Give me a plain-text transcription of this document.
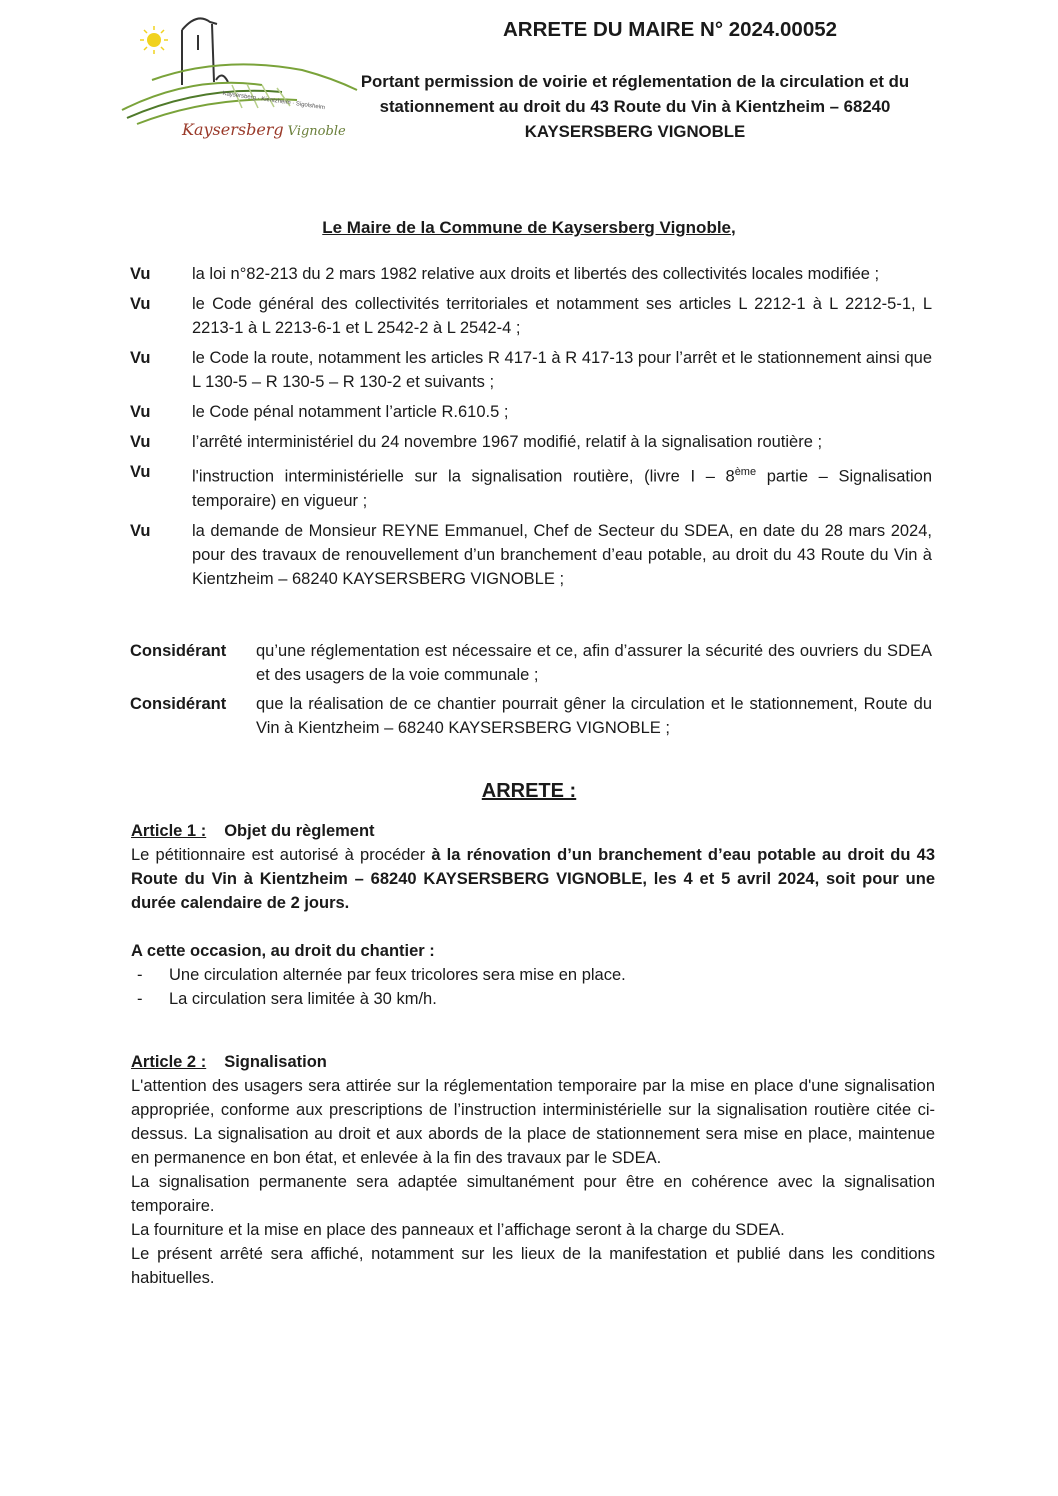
Kaysersberg · Kientzheim · Sigolsheim
Kaysersberg Vignoble
ARRETE DU MAIRE N° 2024.00052
Portant permission de voirie et réglementation de la circulation et du stationnement au droit du 43 Route du Vin à Kientzheim – 68240 KAYSERSBERG VIGNOBLE
Le Maire de la Commune de Kaysersberg Vignoble,
Vu	la loi n°82-213 du 2 mars 1982 relative aux droits et libertés des collectivités locales modifiée ;
Vu	le Code général des collectivités territoriales et notamment ses articles L 2212-1 à L 2212-5-1, L 2213-1 à L 2213-6-1 et L 2542-2 à L 2542-4 ;
Vu	le Code la route, notamment les articles R 417-1 à R 417-13 pour l’arrêt et le stationnement ainsi que L 130-5 – R 130-5 – R 130-2 et suivants ;
Vu	le Code pénal notamment l’article R.610.5 ;
Vu	l’arrêté interministériel du 24 novembre 1967 modifié, relatif à la signalisation routière ;
Vu	l'instruction interministérielle sur la signalisation routière, (livre I – 8ème partie – Signalisation temporaire) en vigueur ;
Vu	la demande de Monsieur REYNE Emmanuel, Chef de Secteur du SDEA, en date du 28 mars 2024, pour des travaux de renouvellement d’un branchement d’eau potable, au droit du 43 Route du Vin à Kientzheim – 68240 KAYSERSBERG VIGNOBLE ;
Considérant	qu’une réglementation est nécessaire et ce, afin d’assurer la sécurité des ouvriers du SDEA et des usagers de la voie communale ;
Considérant	que la réalisation de ce chantier pourrait gêner la circulation et le stationnement, Route du Vin à Kientzheim – 68240 KAYSERSBERG VIGNOBLE ;
ARRETE :
Article 1 : Objet du règlement
Le pétitionnaire est autorisé à procéder à la rénovation d’un branchement d’eau potable au droit du 43 Route du Vin à Kientzheim – 68240 KAYSERSBERG VIGNOBLE, les 4 et 5 avril 2024, soit pour une durée calendaire de 2 jours.
A cette occasion, au droit du chantier :
-	Une circulation alternée par feux tricolores sera mise en place.
-	La circulation sera limitée à 30 km/h.
Article 2 : Signalisation
L'attention des usagers sera attirée sur la réglementation temporaire par la mise en place d'une signalisation appropriée, conforme aux prescriptions de l’instruction interministérielle sur la signalisation routière citée ci-dessus. La signalisation au droit et aux abords de la place de stationnement sera mise en place, maintenue en permanence en bon état, et enlevée à la fin des travaux par le SDEA.
La signalisation permanente sera adaptée simultanément pour être en cohérence avec la signalisation temporaire.
La fourniture et la mise en place des panneaux et l’affichage seront à la charge du SDEA.
Le présent arrêté sera affiché, notamment sur les lieux de la manifestation et publié dans les conditions habituelles.
